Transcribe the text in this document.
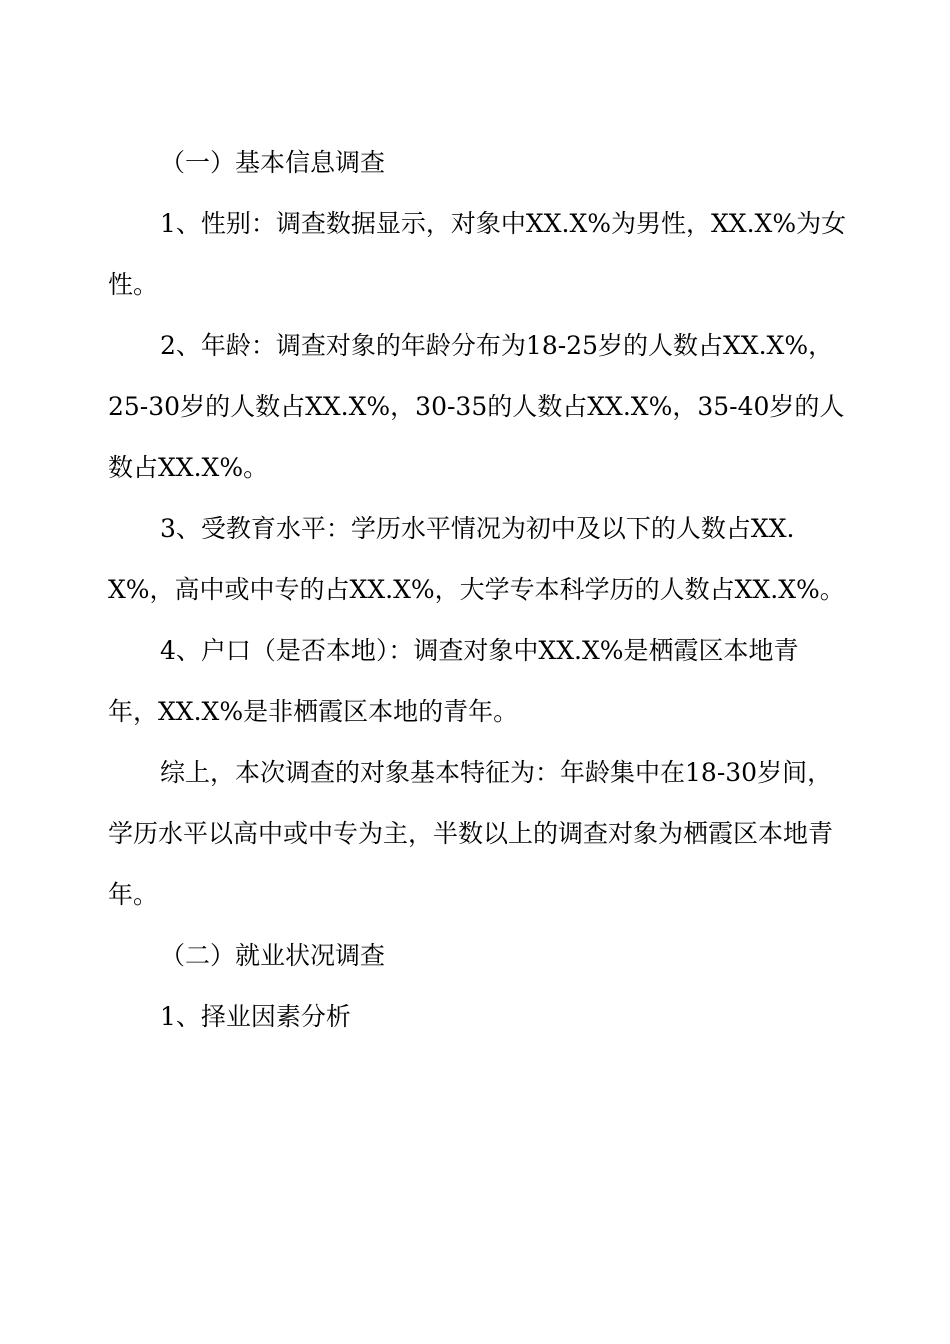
（一）基本信息调查

1、性别：调查数据显示，对象中XX.X%为男性，XX.X%为女性。

2、年龄：调查对象的年龄分布为18-25岁的人数占XX.X%，25-30岁的人数占XX.X%，30-35的人数占XX.X%，35-40岁的人数占XX.X%。

3、受教育水平：学历水平情况为初中及以下的人数占XX.X%，高中或中专的占XX.X%，大学专本科学历的人数占XX.X%。

4、户口（是否本地）：调查对象中XX.X%是栖霞区本地青年，XX.X%是非栖霞区本地的青年。

综上，本次调查的对象基本特征为：年龄集中在18-30岁间，学历水平以高中或中专为主，半数以上的调查对象为栖霞区本地青年。

（二）就业状况调查

1、择业因素分析
